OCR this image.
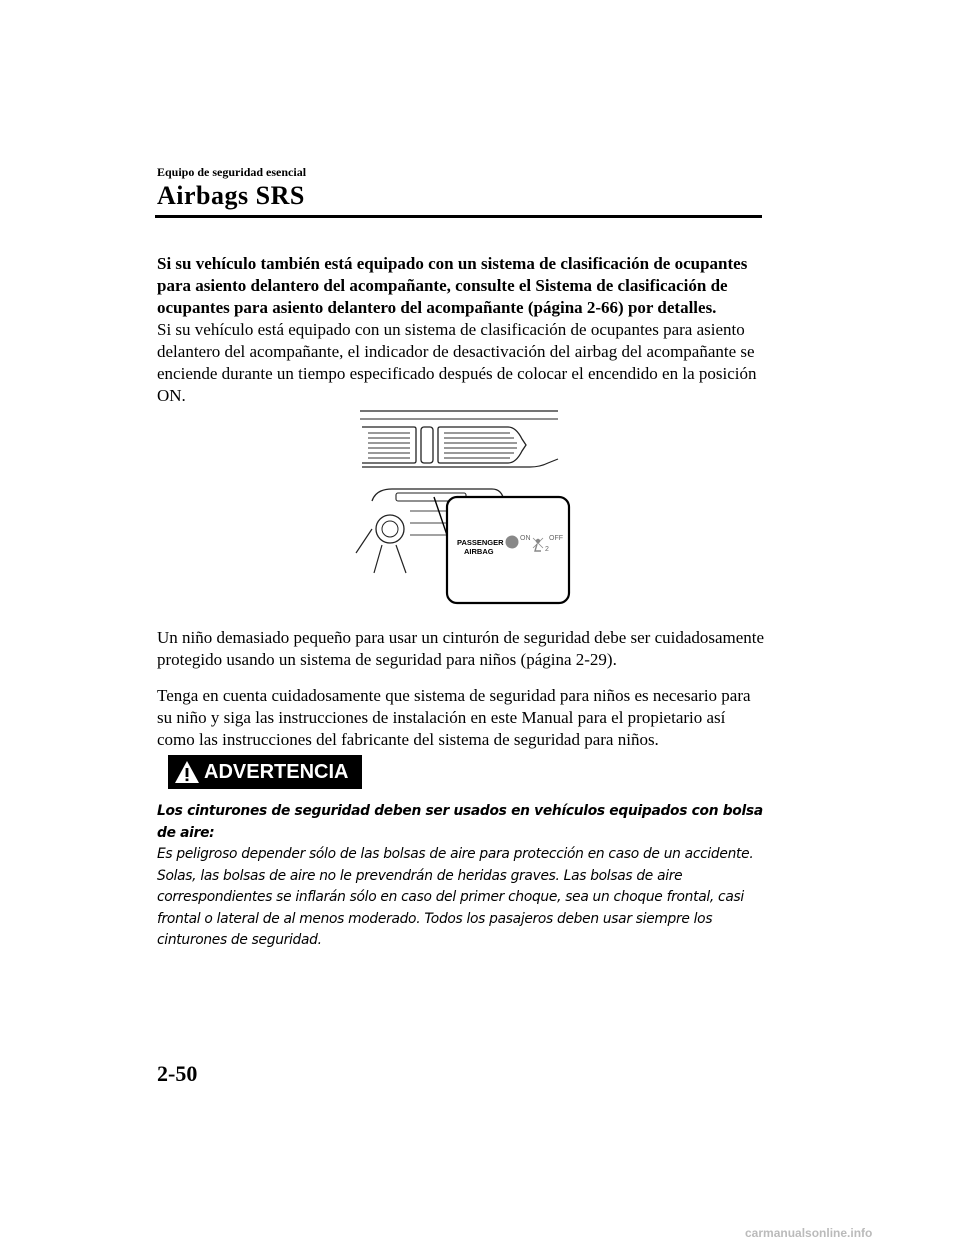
Equipo de seguridad esencial
Airbags SRS

Si su vehículo también está equipado con un sistema de clasificación de ocupantes para asiento delantero del acompañante, consulte el Sistema de clasificación de ocupantes para asiento delantero del acompañante (página 2-66) por detalles.

Si su vehículo está equipado con un sistema de clasificación de ocupantes para asiento delantero del acompañante, el indicador de desactivación del airbag del acompañante se enciende durante un tiempo especificado después de colocar el encendido en la posición ON.

PASSENGER
AIRBAG
ON	OFF
2

Un niño demasiado pequeño para usar un cinturón de seguridad debe ser cuidadosamente protegido usando un sistema de seguridad para niños (página 2-29).

Tenga en cuenta cuidadosamente que sistema de seguridad para niños es necesario para su niño y siga las instrucciones de instalación en este Manual para el propietario así como las instrucciones del fabricante del sistema de seguridad para niños.

ADVERTENCIA

Los cinturones de seguridad deben ser usados en vehículos equipados con bolsa de aire:

Es peligroso depender sólo de las bolsas de aire para protección en caso de un accidente. Solas, las bolsas de aire no le prevendrán de heridas graves. Las bolsas de aire correspondientes se inflarán sólo en caso del primer choque, sea un choque frontal, casi frontal o lateral de al menos moderado. Todos los pasajeros deben usar siempre los cinturones de seguridad.

2-50
carmanualsonline.info
